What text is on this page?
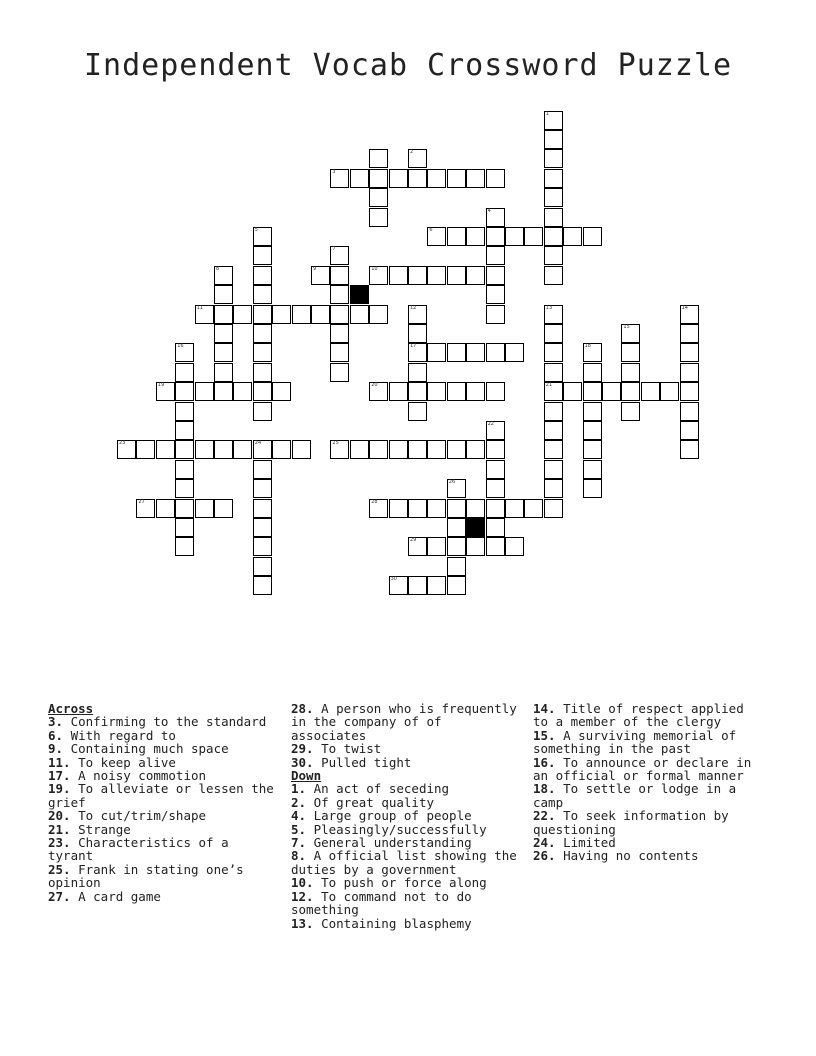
Independent Vocab Crossword Puzzle
1
3
4
6
5
7
8	9	10
11	12
17
13
21
14
15
16	18
19	20
22
23	24	25
26
27	28
29
30
2
Across
3. Confirming to the standard
6. With regard to
9. Containing much space
11. To keep alive
17. A noisy commotion
19. To alleviate or lessen the grief
20. To cut/trim/shape
21. Strange
23. Characteristics of a tyrant
25. Frank in stating one’s opinion
27. A card game
28. A person who is frequently in the company of of associates
29. To twist
30. Pulled tight
Down
1. An act of seceding
2. Of great quality
4. Large group of people
5. Pleasingly/successfully
7. General understanding
8. A official list showing the duties by a government
10. To push or force along
12. To command not to do something
13. Containing blasphemy
14. Title of respect applied to a member of the clergy
15. A surviving memorial of something in the past
16. To announce or declare in an official or formal manner
18. To settle or lodge in a camp
22. To seek information by questioning
24. Limited
26. Having no contents
